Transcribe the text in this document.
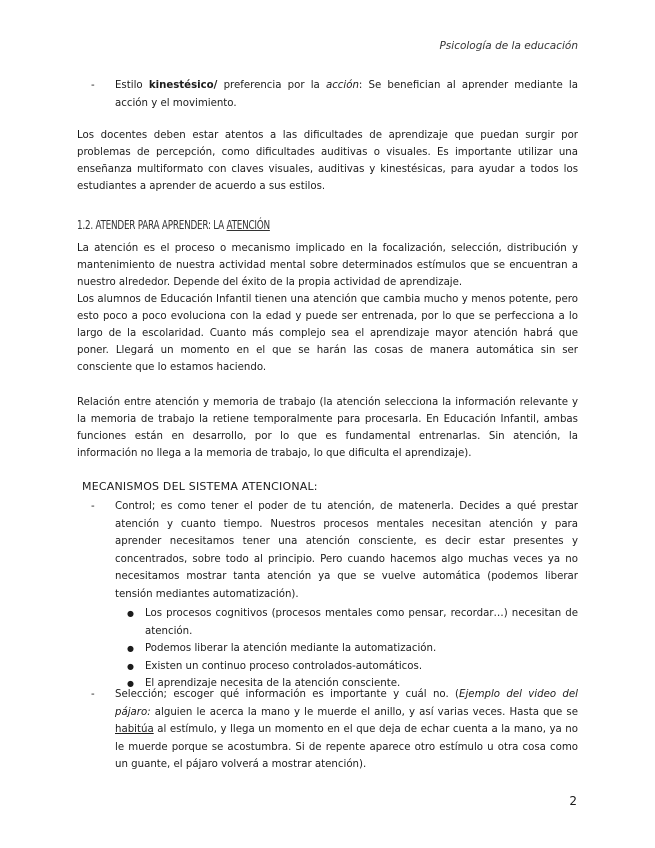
Psicología de la educación
- Estilo kinestésico/ preferencia por la acción: Se benefician al aprender mediante la acción y el movimiento.

Los docentes deben estar atentos a las dificultades de aprendizaje que puedan surgir por problemas de percepción, como dificultades auditivas o visuales. Es importante utilizar una enseñanza multiformato con claves visuales, auditivas y kinestésicas, para ayudar a todos los estudiantes a aprender de acuerdo a sus estilos.

1.2. ATENDER PARA APRENDER: LA ATENCIÓN

La atención es el proceso o mecanismo implicado en la focalización, selección, distribución y mantenimiento de nuestra actividad mental sobre determinados estímulos que se encuentran a nuestro alrededor. Depende del éxito de la propia actividad de aprendizaje.

Los alumnos de Educación Infantil tienen una atención que cambia mucho y menos potente, pero esto poco a poco evoluciona con la edad y puede ser entrenada, por lo que se perfecciona a lo largo de la escolaridad. Cuanto más complejo sea el aprendizaje mayor atención habrá que poner. Llegará un momento en el que se harán las cosas de manera automática sin ser consciente que lo estamos haciendo.

Relación entre atención y memoria de trabajo (la atención selecciona la información relevante y la memoria de trabajo la retiene temporalmente para procesarla. En Educación Infantil, ambas funciones están en desarrollo, por lo que es fundamental entrenarlas. Sin atención, la información no llega a la memoria de trabajo, lo que dificulta el aprendizaje).

MECANISMOS DEL SISTEMA ATENCIONAL:
- Control; es como tener el poder de tu atención, de matenerla. Decides a qué prestar atención y cuanto tiempo. Nuestros procesos mentales necesitan atención y para aprender necesitamos tener una atención consciente, es decir estar presentes y concentrados, sobre todo al principio. Pero cuando hacemos algo muchas veces ya no necesitamos mostrar tanta atención ya que se vuelve automática (podemos liberar tensión mediantes automatización).
● Los procesos cognitivos (procesos mentales como pensar, recordar…) necesitan de atención.
● Podemos liberar la atención mediante la automatización.
● Existen un continuo proceso controlados-automáticos.
● El aprendizaje necesita de la atención consciente.
- Selección; escoger qué información es importante y cuál no. (Ejemplo del video del pájaro: alguien le acerca la mano y le muerde el anillo, y así varias veces. Hasta que se habitúa al estímulo, y llega un momento en el que deja de echar cuenta a la mano, ya no le muerde porque se acostumbra. Si de repente aparece otro estímulo u otra cosa como un guante, el pájaro volverá a mostrar atención).
2
